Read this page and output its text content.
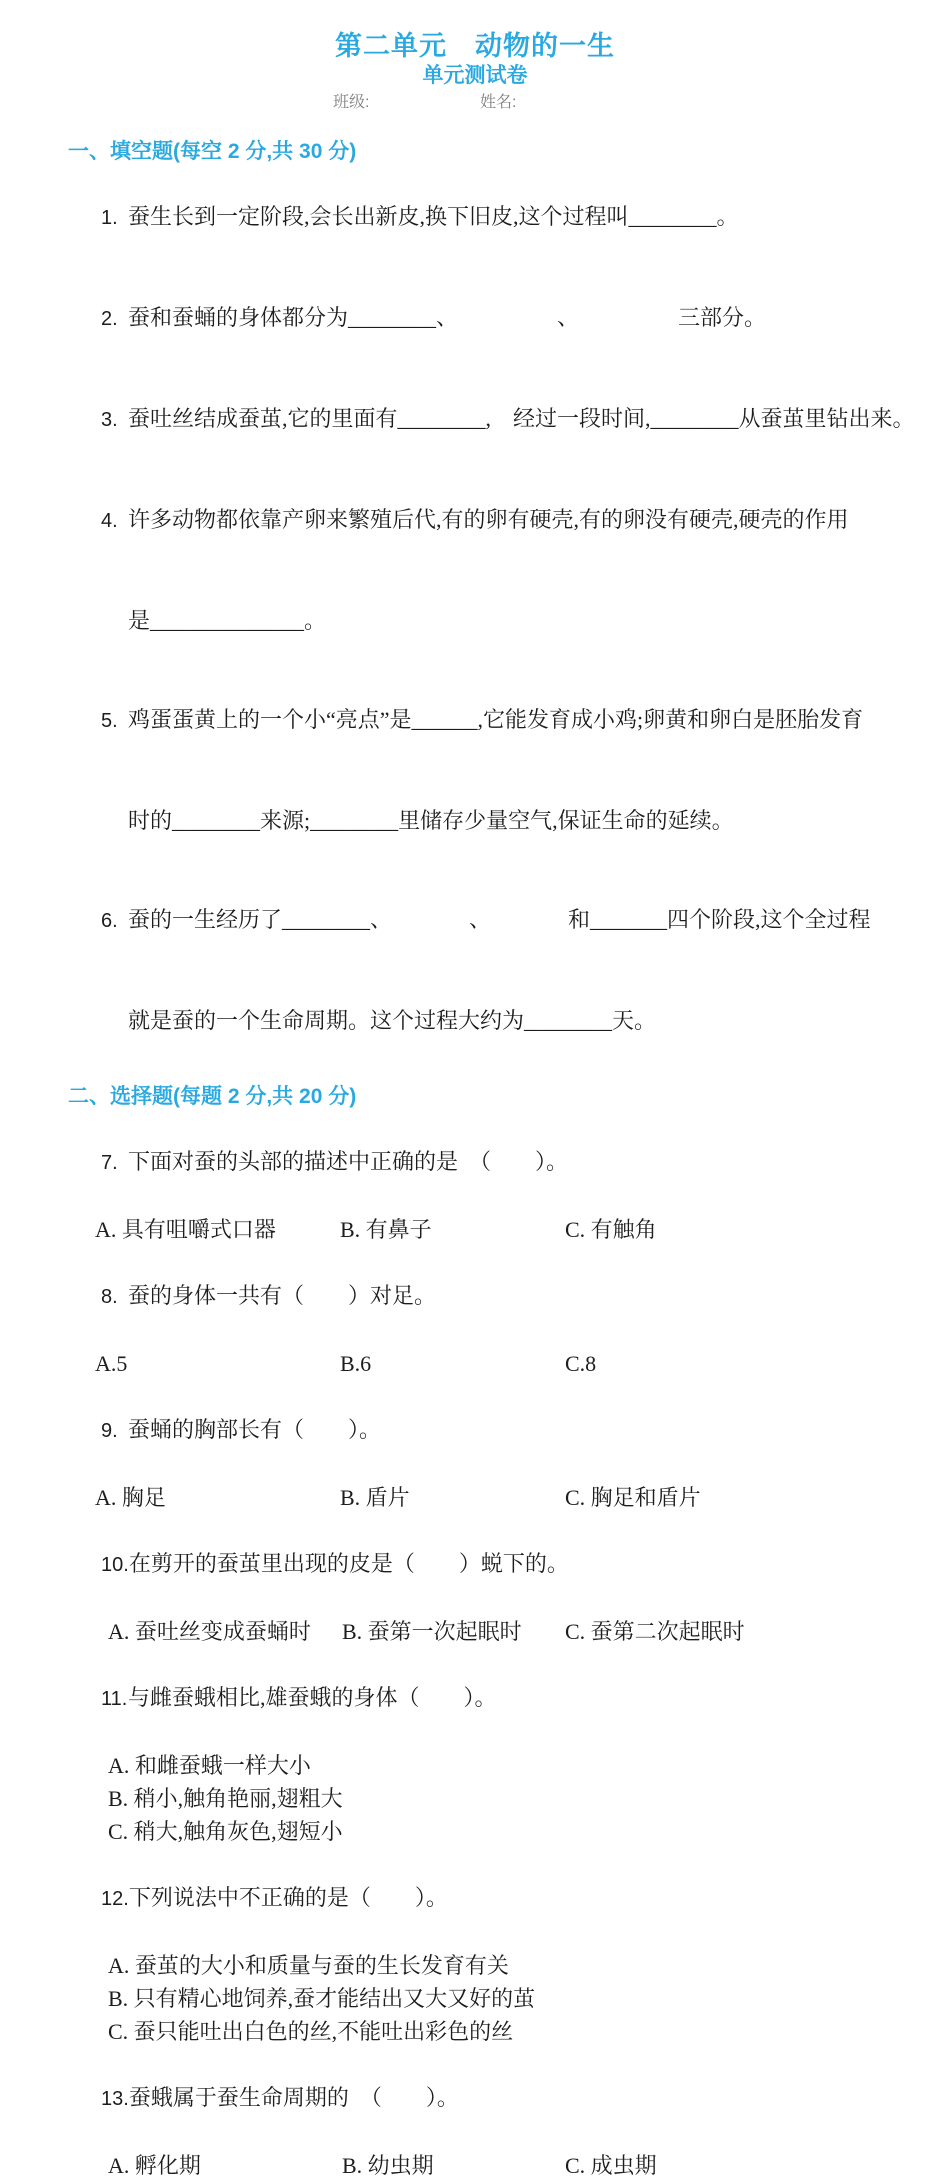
第二单元　动物的一生
单元测试卷
班级:	姓名:
一、填空题(每空 2 分,共 30 分)

1. 蚕生长到一定阶段,会长出新皮,换下旧皮,这个过程叫________。

2. 蚕和蚕蛹的身体都分为________、　　　　　、　　　　　三部分。

3. 蚕吐丝结成蚕茧,它的里面有________,　经过一段时间,________从蚕茧里钻出来。

4. 许多动物都依靠产卵来繁殖后代,有的卵有硬壳,有的卵没有硬壳,硬壳的作用

是______________。

5. 鸡蛋蛋黄上的一个小“亮点”是______,它能发育成小鸡;卵黄和卵白是胚胎发育

时的________来源;________里储存少量空气,保证生命的延续。

6. 蚕的一生经历了________、　　　　、　　　　和_______四个阶段,这个全过程

就是蚕的一个生命周期。这个过程大约为________天。

二、选择题(每题 2 分,共 20 分)

7. 下面对蚕的头部的描述中正确的是　（　　）。

A. 具有咀嚼式口器	B. 有鼻子	C. 有触角

8. 蚕的身体一共有（　　）对足。

A.5	B.6	C.8

9. 蚕蛹的胸部长有（　　）。

A. 胸足	B. 盾片	C. 胸足和盾片

10.在剪开的蚕茧里出现的皮是（　　）蜕下的。

A. 蚕吐丝变成蚕蛹时	B. 蚕第一次起眠时	C. 蚕第二次起眠时

11.与雌蚕蛾相比,雄蚕蛾的身体（　　）。

A. 和雌蚕蛾一样大小
B. 稍小,触角艳丽,翅粗大
C. 稍大,触角灰色,翅短小

12.下列说法中不正确的是（　　）。

A. 蚕茧的大小和质量与蚕的生长发育有关
B. 只有精心地饲养,蚕才能结出又大又好的茧
C. 蚕只能吐出白色的丝,不能吐出彩色的丝

13.蚕蛾属于蚕生命周期的　（　　）。

A. 孵化期	B. 幼虫期	C. 成虫期
